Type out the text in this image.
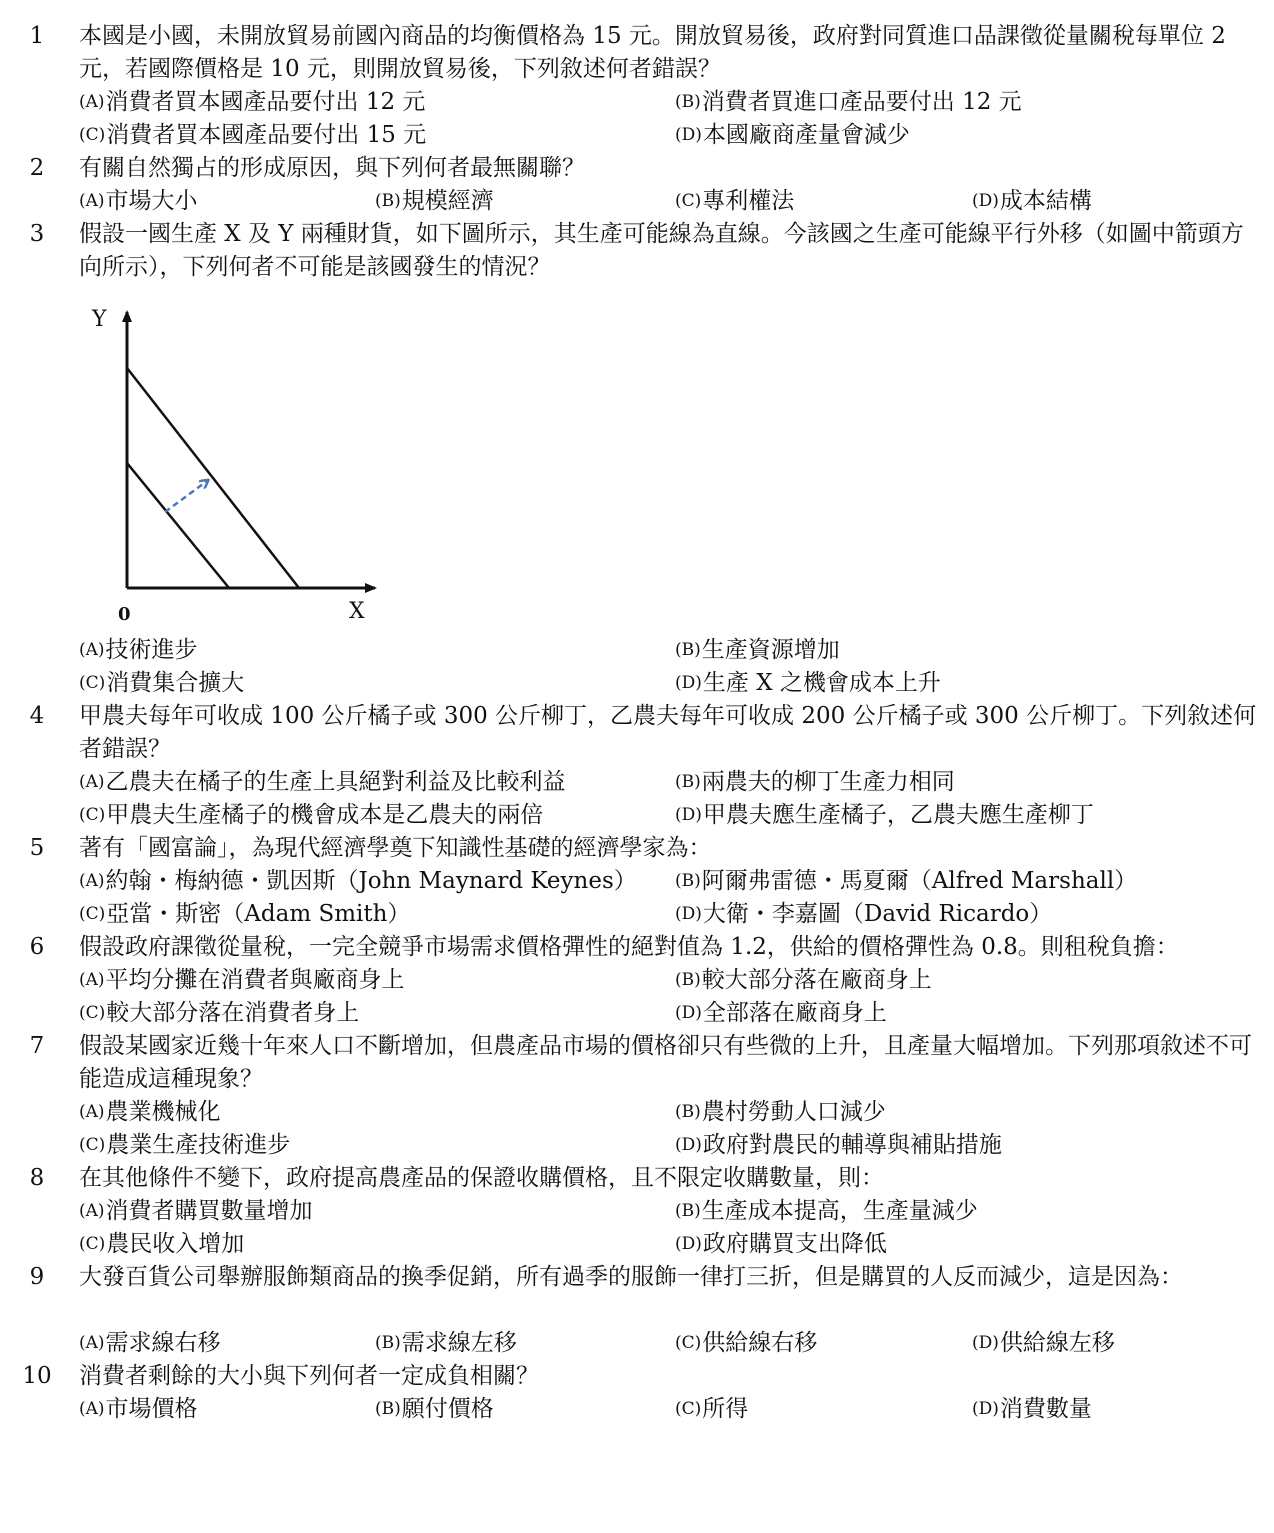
1	本國是小國，未開放貿易前國內商品的均衡價格為 15 元。開放貿易後，政府對同質進口品課徵從量關稅每單位 2 元，若國際價格是 10 元，則開放貿易後，下列敘述何者錯誤？
(A)消費者買本國產品要付出 12 元	(B)消費者買進口產品要付出 12 元
(C)消費者買本國產品要付出 15 元	(D)本國廠商產量會減少
2	有關自然獨占的形成原因，與下列何者最無關聯？
(A)市場大小	(B)規模經濟	(C)專利權法	(D)成本結構
3	假設一國生產 X 及 Y 兩種財貨，如下圖所示，其生產可能線為直線。今該國之生產可能線平行外移（如圖中箭頭方向所示），下列何者不可能是該國發生的情況？
(A)技術進步	(B)生產資源增加
(C)消費集合擴大	(D)生產 X 之機會成本上升
Y
X
0
4	甲農夫每年可收成 100 公斤橘子或 300 公斤柳丁，乙農夫每年可收成 200 公斤橘子或 300 公斤柳丁。下列敘述何者錯誤？
(A)乙農夫在橘子的生產上具絕對利益及比較利益	(B)兩農夫的柳丁生產力相同
(C)甲農夫生產橘子的機會成本是乙農夫的兩倍	(D)甲農夫應生產橘子，乙農夫應生產柳丁
5	著有「國富論」，為現代經濟學奠下知識性基礎的經濟學家為：
(A)約翰・梅納德・凱因斯（John Maynard Keynes） (B)阿爾弗雷德・馬夏爾（Alfred Marshall）
(C)亞當・斯密（Adam Smith）	(D)大衛・李嘉圖（David Ricardo）
6	假設政府課徵從量稅，一完全競爭市場需求價格彈性的絕對值為 1.2，供給的價格彈性為 0.8。則租稅負擔：
(A)平均分攤在消費者與廠商身上	(B)較大部分落在廠商身上
(C)較大部分落在消費者身上	(D)全部落在廠商身上
7	假設某國家近幾十年來人口不斷增加，但農產品市場的價格卻只有些微的上升，且產量大幅增加。下列那項敘述不可能造成這種現象？
(A)農業機械化	(B)農村勞動人口減少
(C)農業生產技術進步	(D)政府對農民的輔導與補貼措施
8	在其他條件不變下，政府提高農產品的保證收購價格，且不限定收購數量，則：
(A)消費者購買數量增加	(B)生產成本提高，生產量減少
(C)農民收入增加	(D)政府購買支出降低
9	大發百貨公司舉辦服飾類商品的換季促銷，所有過季的服飾一律打三折，但是購買的人反而減少，這是因為：
(A)需求線右移	(B)需求線左移	(C)供給線右移	(D)供給線左移
10	消費者剩餘的大小與下列何者一定成負相關？
(A)市場價格	(B)願付價格	(C)所得	(D)消費數量
